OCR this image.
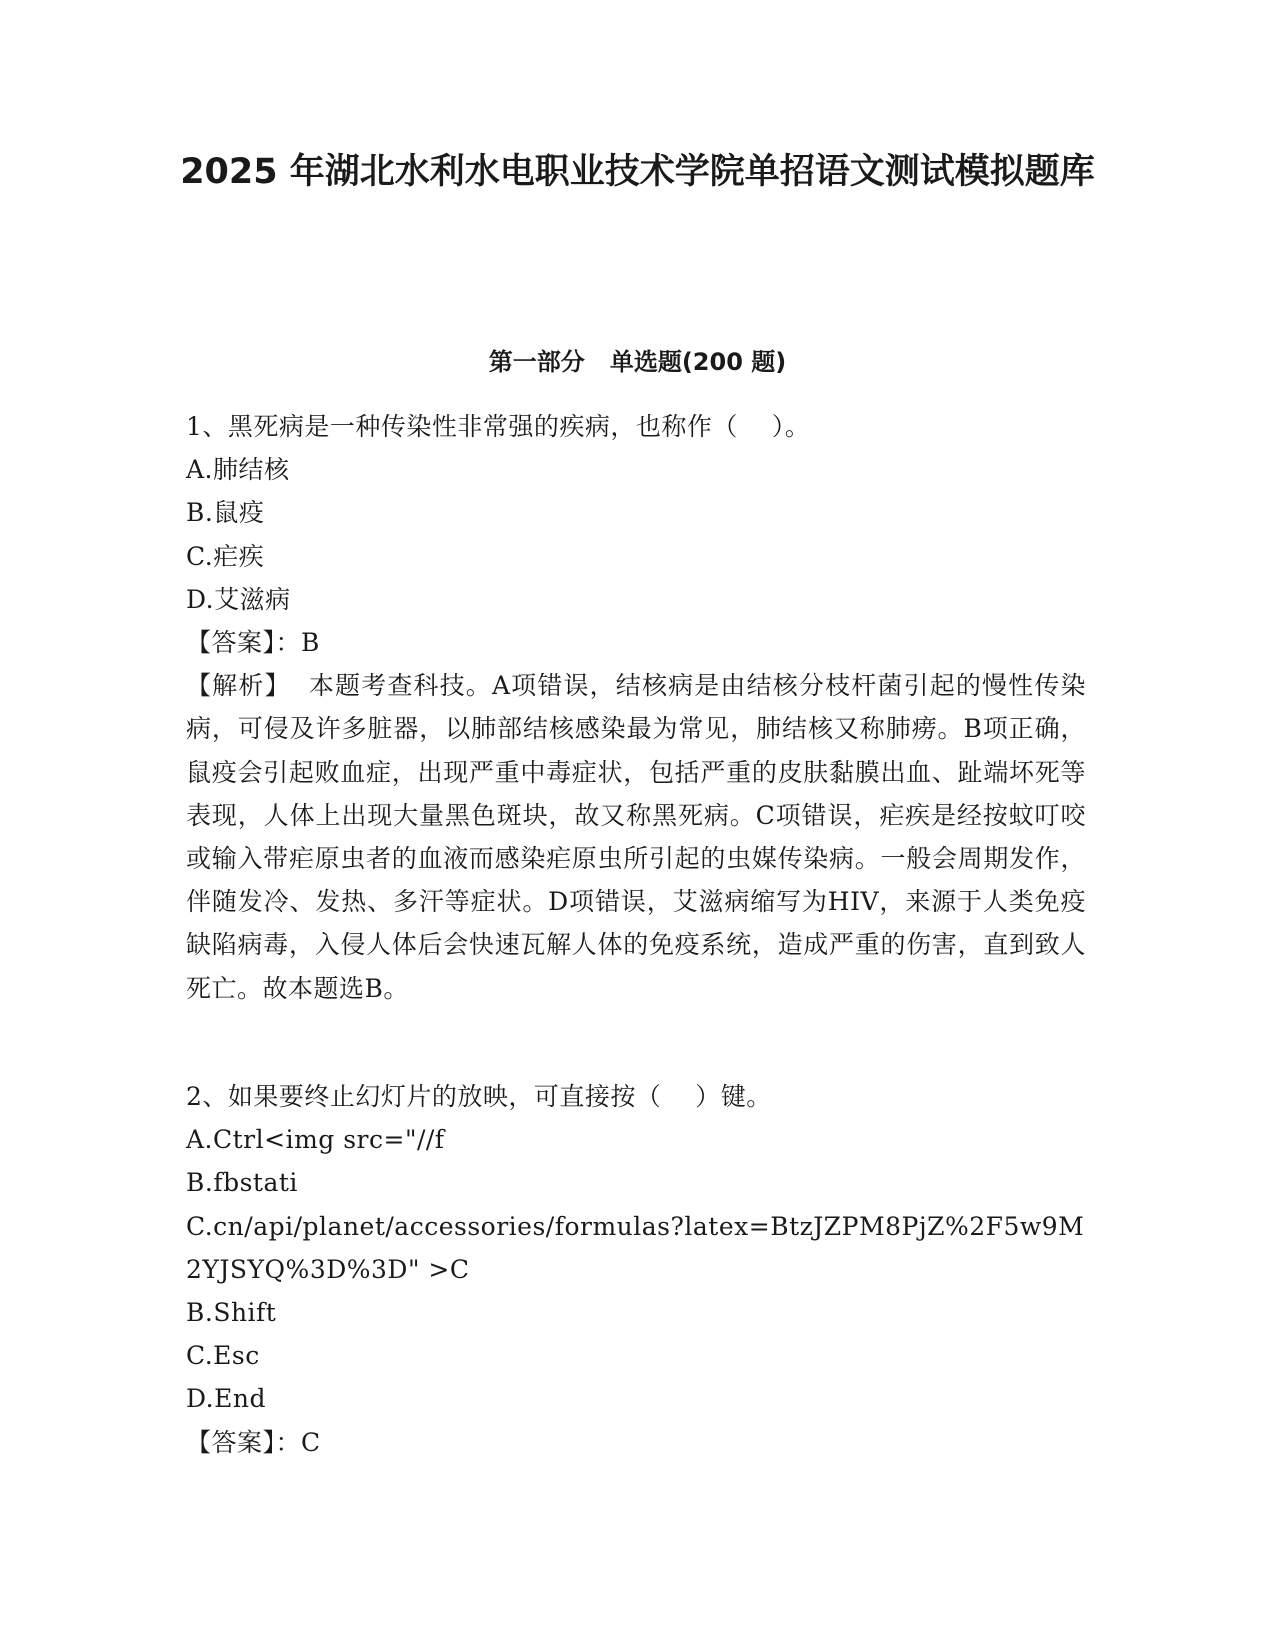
2025 年湖北水利水电职业技术学院单招语文测试模拟题库
第一部分   单选题(200 题)
1、黑死病是一种传染性非常强的疾病，也称作（    ）。
A.肺结核
B.鼠疫
C.疟疾
D.艾滋病
【答案】：B
【解析】  本题考查科技。A项错误，结核病是由结核分枝杆菌引起的慢性传染病，可侵及许多脏器，以肺部结核感染最为常见，肺结核又称肺痨。B项正确，鼠疫会引起败血症，出现严重中毒症状，包括严重的皮肤黏膜出血、趾端坏死等表现，人体上出现大量黑色斑块，故又称黑死病。C项错误，疟疾是经按蚊叮咬或输入带疟原虫者的血液而感染疟原虫所引起的虫媒传染病。一般会周期发作，伴随发冷、发热、多汗等症状。D项错误，艾滋病缩写为HIV，来源于人类免疫缺陷病毒，入侵人体后会快速瓦解人体的免疫系统，造成严重的伤害，直到致人死亡。故本题选B。
2、如果要终止幻灯片的放映，可直接按（    ）键。
A.Ctrl<img src="//f
B.fbstati
C.cn/api/planet/accessories/formulas?latex=BtzJZPM8PjZ%2F5w9M2YJSYQ%3D%3D" >C
B.Shift
C.Esc
D.End
【答案】：C
